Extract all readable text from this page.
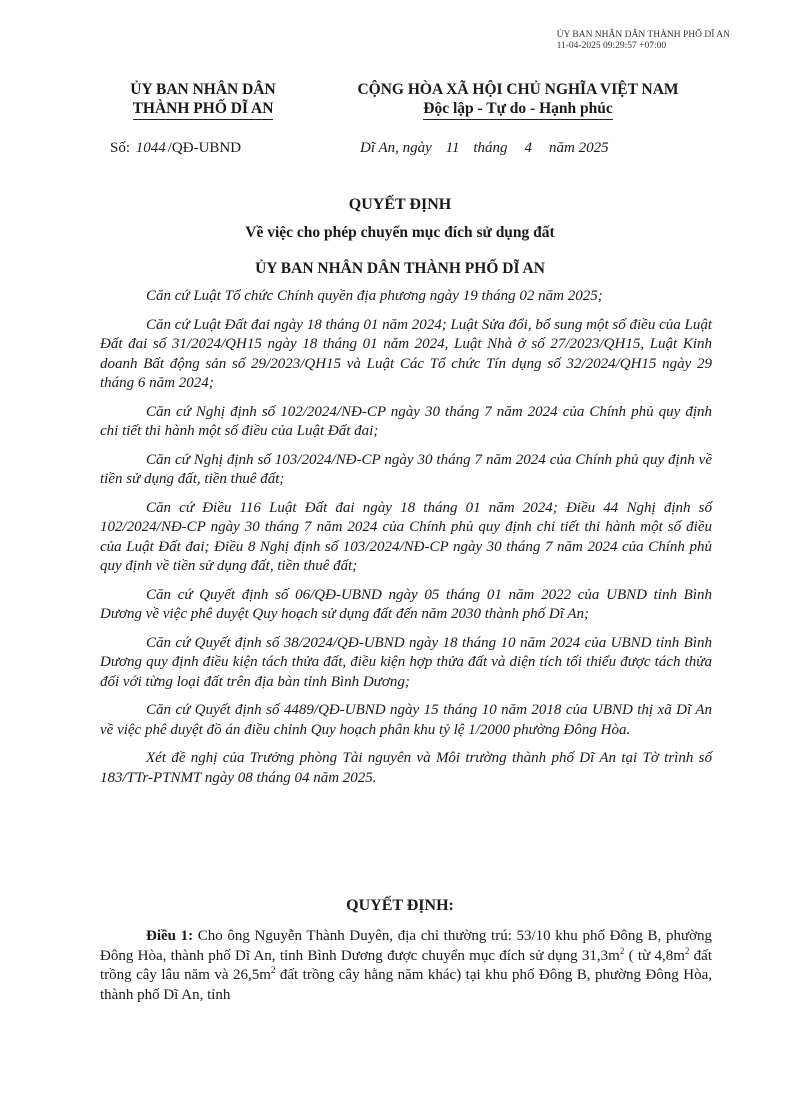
ỦY BAN NHÂN DÂN THÀNH PHỐ DĨ AN
11-04-2025 09:29:57 +07:00
ỦY BAN NHÂN DÂN
THÀNH PHỐ DĨ AN
CỘNG HÒA XÃ HỘI CHỦ NGHĨA VIỆT NAM
Độc lập - Tự do - Hạnh phúc
Số: 1044 /QĐ-UBND	Dĩ An, ngày 11 tháng 4 năm 2025
QUYẾT ĐỊNH
Về việc cho phép chuyển mục đích sử dụng đất
ỦY BAN NHÂN DÂN THÀNH PHỐ DĨ AN

Căn cứ Luật Tổ chức Chính quyền địa phương ngày 19 tháng 02 năm 2025;

Căn cứ Luật Đất đai ngày 18 tháng 01 năm 2024; Luật Sửa đổi, bổ sung một số điều của Luật Đất đai số 31/2024/QH15 ngày 18 tháng 01 năm 2024, Luật Nhà ở số 27/2023/QH15, Luật Kinh doanh Bất động sản số 29/2023/QH15 và Luật Các Tổ chức Tín dụng số 32/2024/QH15 ngày 29 tháng 6 năm 2024;

Căn cứ Nghị định số 102/2024/NĐ-CP ngày 30 tháng 7 năm 2024 của Chính phủ quy định chi tiết thi hành một số điều của Luật Đất đai;

Căn cứ Nghị định số 103/2024/NĐ-CP ngày 30 tháng 7 năm 2024 của Chính phủ quy định về tiền sử dụng đất, tiền thuê đất;

Căn cứ Điều 116 Luật Đất đai ngày 18 tháng 01 năm 2024; Điều 44 Nghị định số 102/2024/NĐ-CP ngày 30 tháng 7 năm 2024 của Chính phủ quy định chi tiết thi hành một số điều của Luật Đất đai; Điều 8 Nghị định số 103/2024/NĐ-CP ngày 30 tháng 7 năm 2024 của Chính phủ quy định về tiền sử dụng đất, tiền thuê đất;

Căn cứ Quyết định số 06/QĐ-UBND ngày 05 tháng 01 năm 2022 của UBND tỉnh Bình Dương về việc phê duyệt Quy hoạch sử dụng đất đến năm 2030 thành phố Dĩ An;

Căn cứ Quyết định số 38/2024/QĐ-UBND ngày 18 tháng 10 năm 2024 của UBND tỉnh Bình Dương quy định điều kiện tách thửa đất, điều kiện hợp thửa đất và diện tích tối thiểu được tách thửa đối với từng loại đất trên địa bàn tỉnh Bình Dương;

Căn cứ Quyết định số 4489/QĐ-UBND ngày 15 tháng 10 năm 2018 của UBND thị xã Dĩ An về việc phê duyệt đồ án điều chỉnh Quy hoạch phân khu tỷ lệ 1/2000 phường Đông Hòa.

Xét đề nghị của Trưởng phòng Tài nguyên và Môi trường thành phố Dĩ An tại Tờ trình số 183/TTr-PTNMT ngày 08 tháng 04 năm 2025.

QUYẾT ĐỊNH:

Điều 1: Cho ông Nguyễn Thành Duyên, địa chỉ thường trú: 53/10 khu phố Đông B, phường Đông Hòa, thành phố Dĩ An, tỉnh Bình Dương được chuyển mục đích sử dụng $31,3m^2$ ( từ $4,8m^2$ đất trồng cây lâu năm và $26,5m^2$ đất trồng cây hằng năm khác) tại khu phố Đông B, phường Đông Hòa, thành phố Dĩ An, tỉnh
